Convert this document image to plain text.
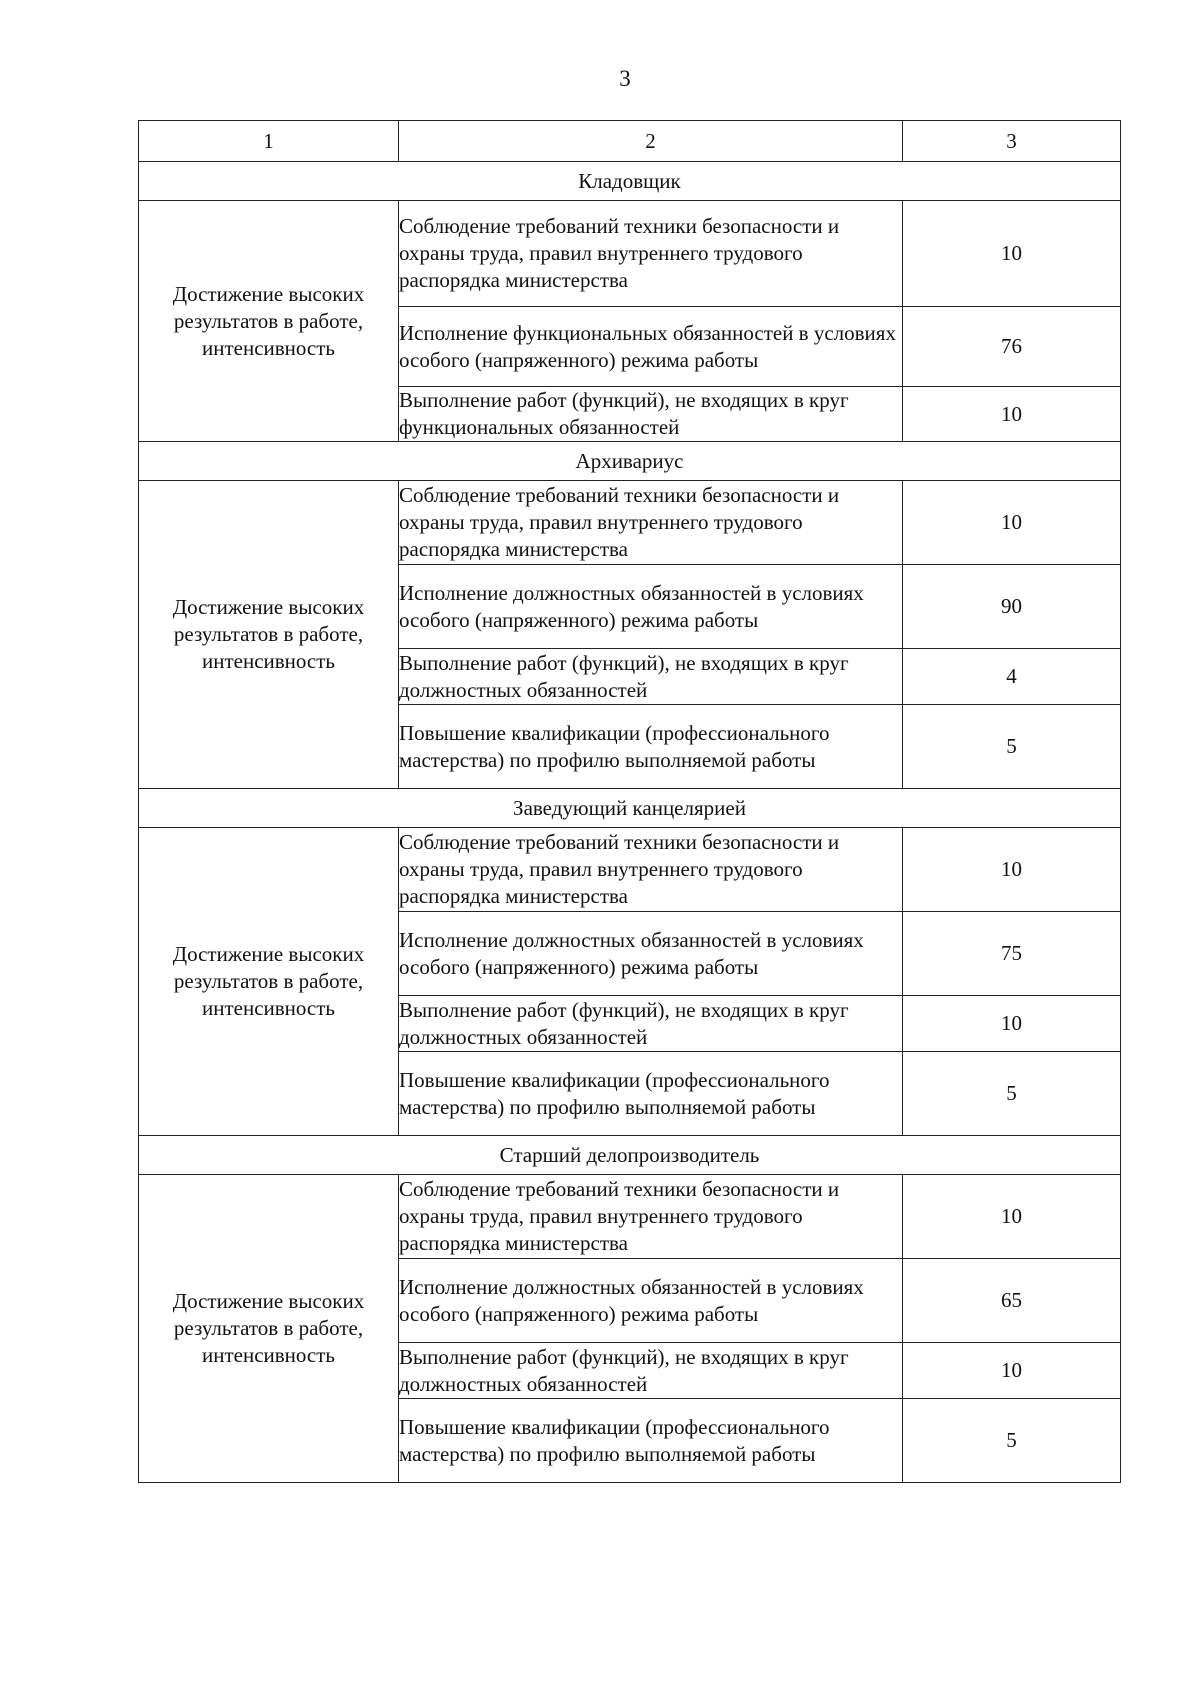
3
1	2	3
Кладовщик		
Достижение высоких результатов в работе, интенсивность	Соблюдение требований техники безопасности и охраны труда, правил внутреннего трудового распорядка министерства	10
	Исполнение функциональных обязанностей в условиях особого (напряженного) режима работы	76
	Выполнение работ (функций), не входящих в круг функциональных обязанностей	10
Архивариус		
Достижение высоких результатов в работе, интенсивность	Соблюдение требований техники безопасности и охраны труда, правил внутреннего трудового распорядка министерства	10
	Исполнение должностных обязанностей в условиях особого (напряженного) режима работы	90
	Выполнение работ (функций), не входящих в круг должностных обязанностей	4
	Повышение квалификации (профессионального мастерства) по профилю выполняемой работы	5
Заведующий канцелярией		
Достижение высоких результатов в работе, интенсивность	Соблюдение требований техники безопасности и охраны труда, правил внутреннего трудового распорядка министерства	10
	Исполнение должностных обязанностей в условиях особого (напряженного) режима работы	75
	Выполнение работ (функций), не входящих в круг должностных обязанностей	10
	Повышение квалификации (профессионального мастерства) по профилю выполняемой работы	5
Старший делопроизводитель		
Достижение высоких результатов в работе, интенсивность	Соблюдение требований техники безопасности и охраны труда, правил внутреннего трудового распорядка министерства	10
	Исполнение должностных обязанностей в условиях особого (напряженного) режима работы	65
	Выполнение работ (функций), не входящих в круг должностных обязанностей	10
	Повышение квалификации (профессионального мастерства) по профилю выполняемой работы	5
